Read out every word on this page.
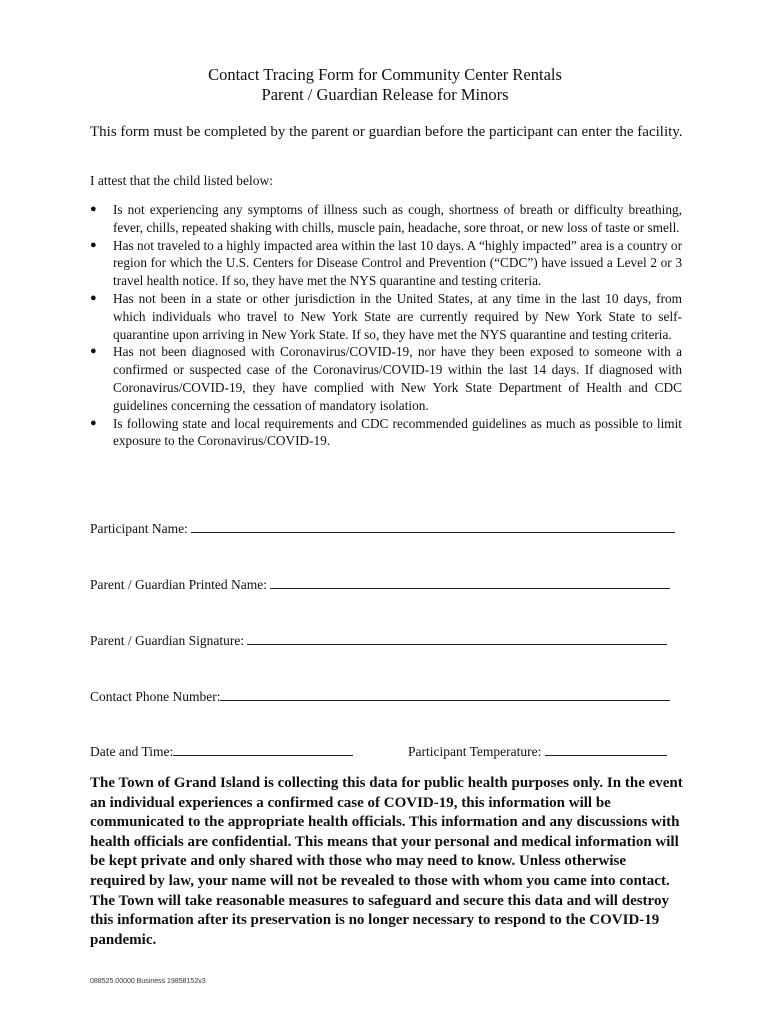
Contact Tracing Form for Community Center Rentals
Parent / Guardian Release for Minors
This form must be completed by the parent or guardian before the participant can enter the facility.
I attest that the child listed below:
● Is not experiencing any symptoms of illness such as cough, shortness of breath or difficulty breathing, fever, chills, repeated shaking with chills, muscle pain, headache, sore throat, or new loss of taste or smell.
● Has not traveled to a highly impacted area within the last 10 days. A “highly impacted” area is a country or region for which the U.S. Centers for Disease Control and Prevention (“CDC”) have issued a Level 2 or 3 travel health notice. If so, they have met the NYS quarantine and testing criteria.
● Has not been in a state or other jurisdiction in the United States, at any time in the last 10 days, from which individuals who travel to New York State are currently required by New York State to self-quarantine upon arriving in New York State. If so, they have met the NYS quarantine and testing criteria.
● Has not been diagnosed with Coronavirus/COVID-19, nor have they been exposed to someone with a confirmed or suspected case of the Coronavirus/COVID-19 within the last 14 days. If diagnosed with Coronavirus/COVID-19, they have complied with New York State Department of Health and CDC guidelines concerning the cessation of mandatory isolation.
● Is following state and local requirements and CDC recommended guidelines as much as possible to limit exposure to the Coronavirus/COVID-19.
Participant Name:
Parent / Guardian Printed Name:
Parent / Guardian Signature:
Contact Phone Number:
Date and Time:	Participant Temperature:
The Town of Grand Island is collecting this data for public health purposes only. In the event an individual experiences a confirmed case of COVID-19, this information will be communicated to the appropriate health officials. This information and any discussions with health officials are confidential. This means that your personal and medical information will be kept private and only shared with those who may need to know. Unless otherwise required by law, your name will not be revealed to those with whom you came into contact. The Town will take reasonable measures to safeguard and secure this data and will destroy this information after its preservation is no longer necessary to respond to the COVID-19 pandemic.
088525.00000 Business 19858152v3
